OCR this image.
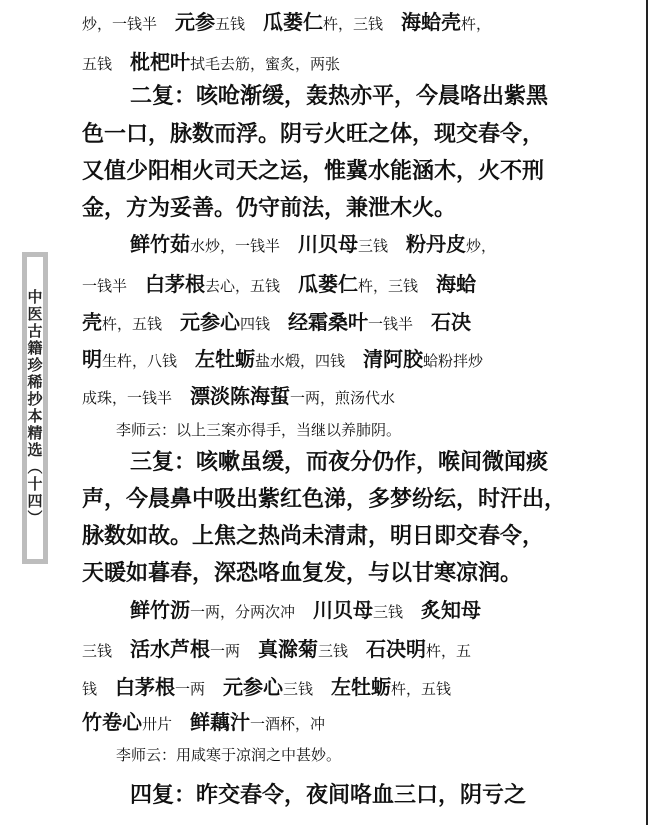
中医古籍珍稀抄本精选（十四）
炒，一钱半 元参五钱 瓜蒌仁杵，三钱 海蛤壳杵，
五钱 枇杷叶拭毛去筋，蜜炙，两张
二复：咳呛渐缓，轰热亦平，今晨咯出紫黑
色一口，脉数而浮。阴亏火旺之体，现交春令，
又值少阳相火司天之运，惟冀水能涵木，火不刑
金，方为妥善。仍守前法，兼泄木火。
鲜竹茹水炒，一钱半 川贝母三钱 粉丹皮炒，
一钱半 白茅根去心，五钱 瓜蒌仁杵，三钱 海蛤
壳杵，五钱 元参心四钱 经霜桑叶一钱半 石决
明生杵，八钱 左牡蛎盐水煅，四钱 清阿胶蛤粉拌炒
成珠，一钱半 漂淡陈海蜇一两，煎汤代水
李师云：以上三案亦得手，当继以养肺阴。
三复：咳嗽虽缓，而夜分仍作，喉间微闻痰
声，今晨鼻中吸出紫红色涕，多梦纷纭，时汗出，
脉数如故。上焦之热尚未清肃，明日即交春令，
天暖如暮春，深恐咯血复发，与以甘寒凉润。
鲜竹沥一两，分两次冲 川贝母三钱 炙知母
三钱 活水芦根一两 真滁菊三钱 石决明杵，五
钱 白茅根一两 元参心三钱 左牡蛎杵，五钱
竹卷心卅片 鲜藕汁一酒杯，冲
李师云：用咸寒于凉润之中甚妙。
四复：昨交春令，夜间咯血三口，阴亏之
